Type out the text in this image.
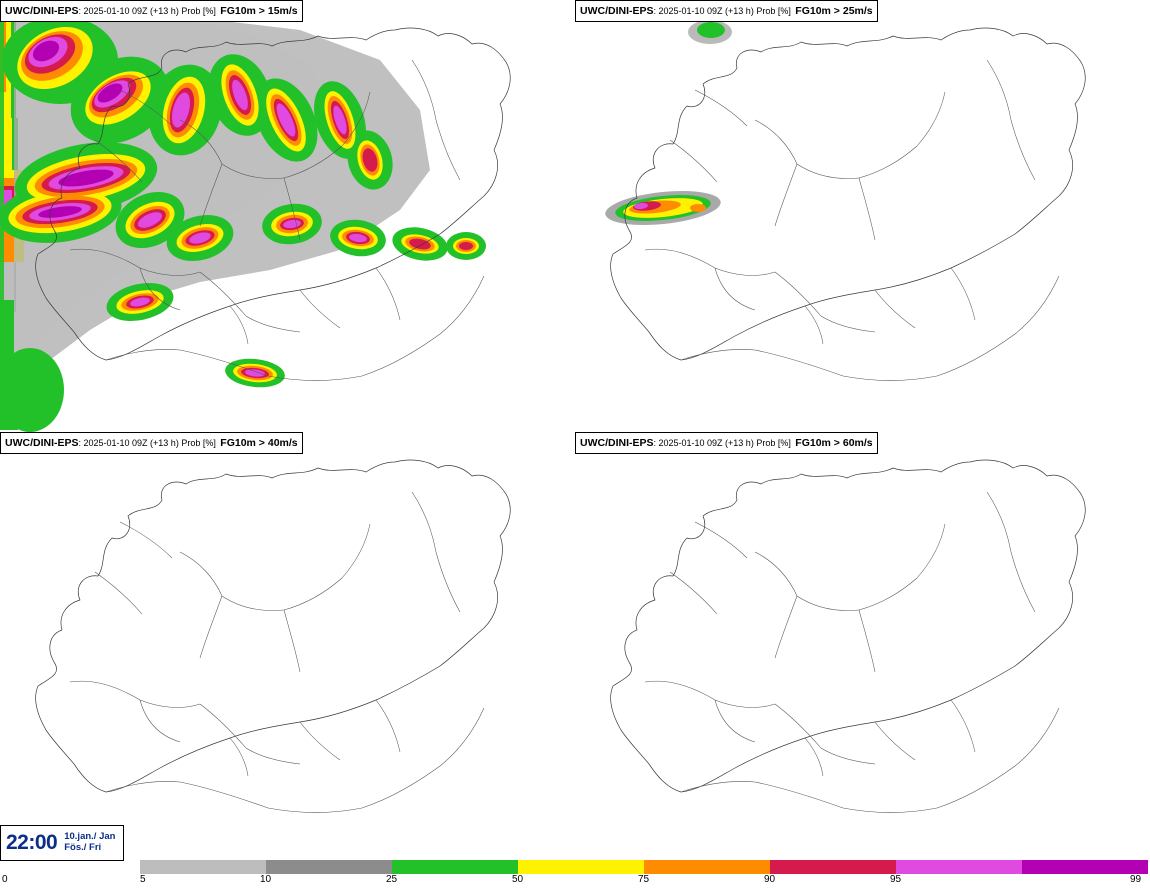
UWC/DINI-EPS: 2025-01-10 09Z (+13 h) Prob [%] FG10m > 15m/s	UWC/DINI-EPS: 2025-01-10 09Z (+13 h) Prob [%] FG10m > 25m/s
UWC/DINI-EPS: 2025-01-10 09Z (+13 h) Prob [%] FG10m > 40m/s	UWC/DINI-EPS: 2025-01-10 09Z (+13 h) Prob [%] FG10m > 60m/s
22:00 10.jan./ Jan
Fös./ Fri
0	5	10	25	50	75	90	95	99
